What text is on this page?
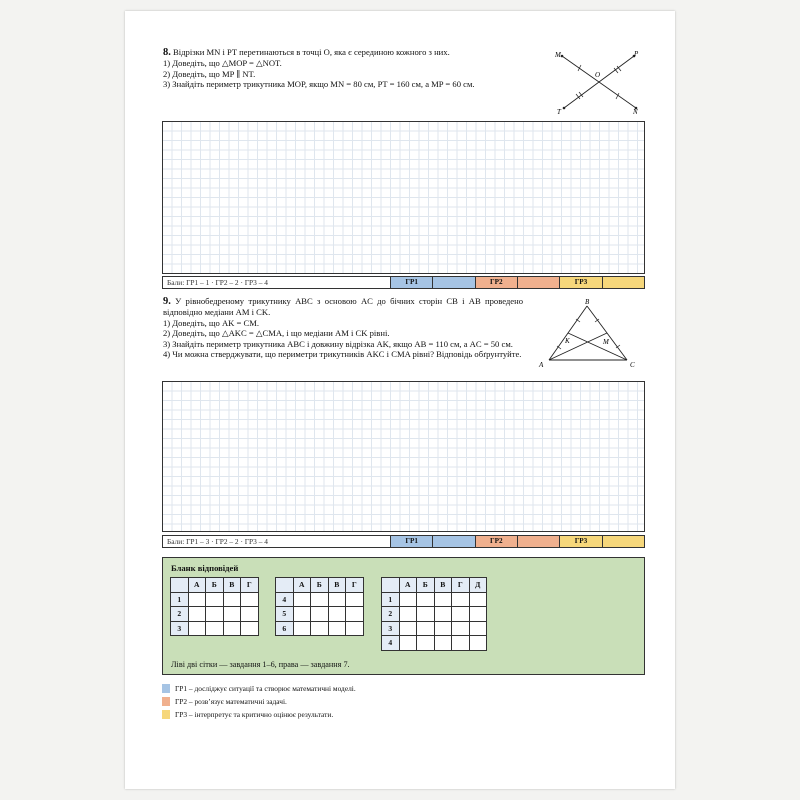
8. Відрізки MN і PT перетинаються в точці O, яка є серединою кожного з них.
1) Доведіть, що △MOP = △NOT.
2) Доведіть, що MP ∥ NT.
3) Знайдіть периметр трикутника MOP, якщо MN = 80 см, PT = 160 см, а MP = 60 см.
M	P
O
T	N
Бали: ГР1 – 1 · ГР2 – 2 · ГР3 – 4	ГР1	ГР2	ГР3
9. У рівнобедреному трикутнику ABC з основою AC до бічних сторін CB і AB проведено відповідно медіани AM і CK.
1) Доведіть, що AK = CM.
2) Доведіть, що △AKC = △CMA, і що медіани AM і CK рівні.
3) Знайдіть периметр трикутника ABC і довжину відрізка AK, якщо AB = 110 см, а AC = 50 см.
4) Чи можна стверджувати, що периметри трикутників AKC і CMA рівні? Відповідь обґрунтуйте.
B
K	M
A	C
Бали: ГР1 – 3 · ГР2 – 2 · ГР3 – 4	ГР1	ГР2	ГР3
Бланк відповідей
	А	Б	В	Г
1				
2				
3				
	А	Б	В	Г
4				
5				
6				
	А	Б	В	Г	Д
1					
2					
3					
4					
Ліві дві сітки — завдання 1–6, права — завдання 7.
ГР1 – досліджує ситуації та створює математичні моделі.
ГР2 – розв’язує математичні задачі.
ГР3 – інтерпретує та критично оцінює результати.
